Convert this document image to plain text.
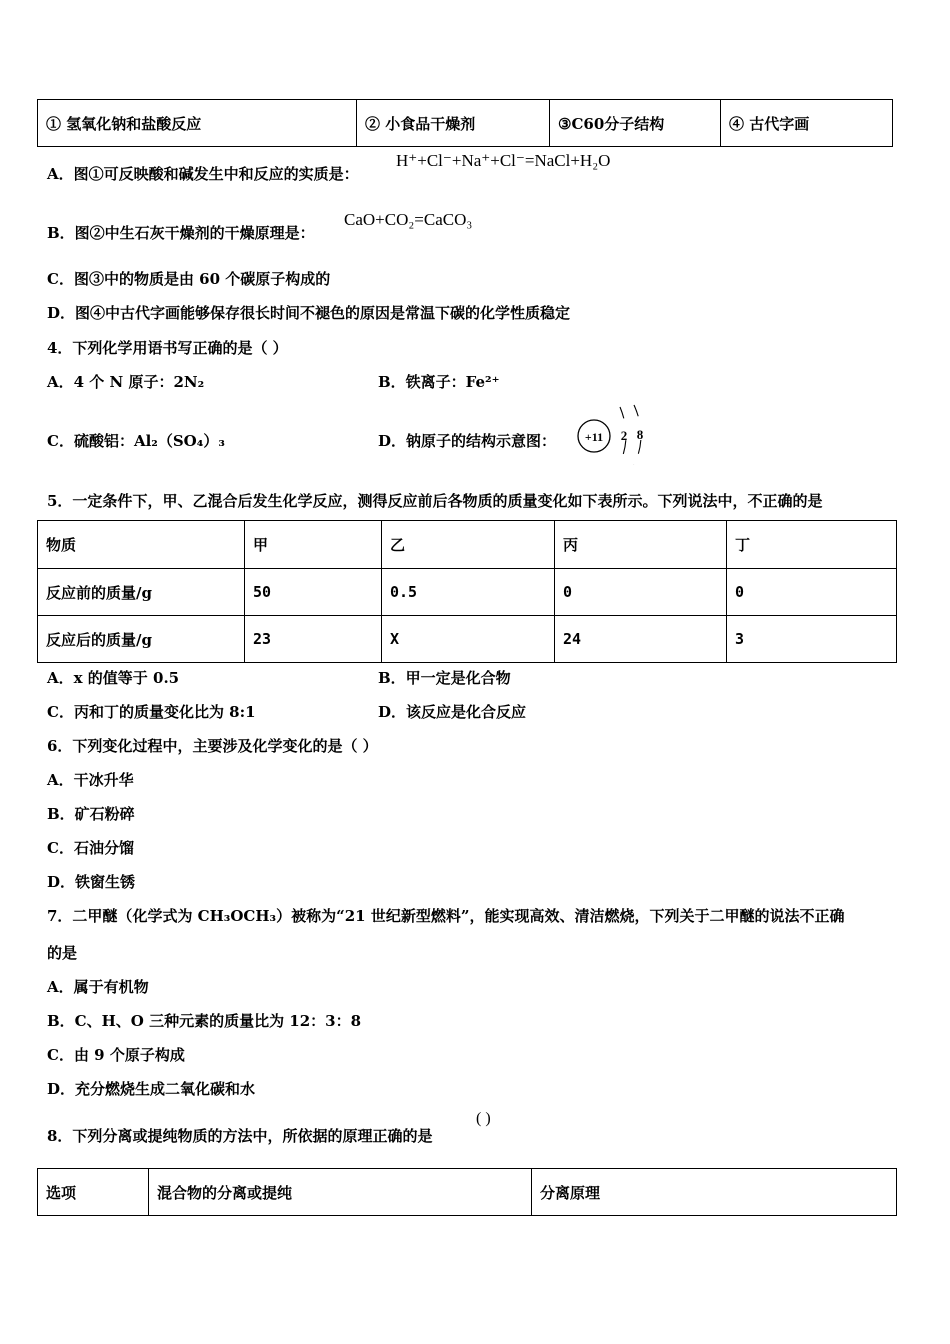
① 氢氧化钠和盐酸反应	② 小食品干燥剂	③C60分子结构	④ 古代字画
A．图①可反映酸和碱发生中和反应的实质是：
H⁺+Cl⁻+Na⁺+Cl⁻=NaCl+H₂O
B．图②中生石灰干燥剂的干燥原理是：
CaO+CO₂=CaCO₃
C．图③中的物质是由 60 个碳原子构成的
D．图④中古代字画能够保存很长时间不褪色的原因是常温下碳的化学性质稳定
4．下列化学用语书写正确的是（ ）
A．4 个 N 原子：2N₂	B．铁离子：Fe²⁺
C．硫酸铝：Al₂（SO₄）₃	D．钠原子的结构示意图： +11 2 8
5．一定条件下，甲、乙混合后发生化学反应，测得反应前后各物质的质量变化如下表所示。下列说法中，不正确的是
物质	甲	乙	丙	丁
反应前的质量/g	50	0.5	0	0
反应后的质量/g	23	X	24	3
A．x 的值等于 0.5	B．甲一定是化合物
C．丙和丁的质量变化比为 8:1	D．该反应是化合反应
6．下列变化过程中，主要涉及化学变化的是（ ）
A．干冰升华
B．矿石粉碎
C．石油分馏
D．铁窗生锈
7．二甲醚（化学式为 CH₃OCH₃）被称为“21 世纪新型燃料”，能实现高效、清洁燃烧，下列关于二甲醚的说法不正确
的是
A．属于有机物
B．C、H、O 三种元素的质量比为 12：3：8
C．由 9 个原子构成
D．充分燃烧生成二氧化碳和水
8．下列分离或提纯物质的方法中，所依据的原理正确的是
( )
选项	混合物的分离或提纯	分离原理
